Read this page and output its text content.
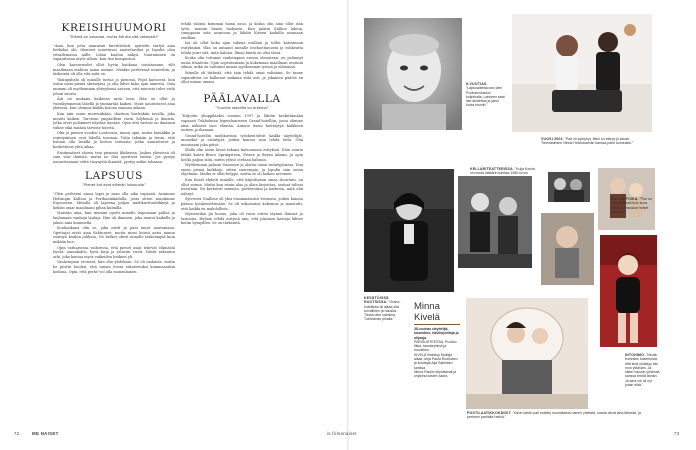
KREISIHUUMORI
”Elämä on vakavaa, mutta älä ota sitä vakavasti”

”Aina, kun jotta nauraisin hirvittävästi, ajattelin siirtyä aina hetkeksi ohi, tilanteet muuttuvat naurettaviksi ja lopulta olen vitsailemassa niille. Lihan kuuluu näkyä. Nauraminen on vapauttavaa myös silloin, kun itse kompastuu.

Olen kasvuvuodet ollut hyvin kaukana toisistamme, silti maailmaan mahtuu sama asenne. Meidän perheessä naurettiin, ja tärkeintä oli olla sitä mitä on.

Yksinpuhelu oli minulle tuttua jo pienenä. Pojat katsoivat, kun esitin omia pieniä sketsejäni, ja olin lähes koko ajan äänessä. Oma mummi oli myöhemmin yhteydessä sanoen, että minusta tulee vielä jotain suurta.

Äiti on mukana kaikessa mitä teen. Hän on ollut jo vuosikymmeniä lähellä ja ymmärtää kaiken. Muut naurattavat aina yhdessä, kun olemme kaikki kotona samaan aikaan.

Kun niin osuin murrosikään, ihastuin burleskiin tavalla, joka muutti kaiken. Tarvitsin ympärilleni väriä, höyheniä ja ihmisiä, jotka eivät pelänneet näyttää itseään. Opin että vartalo on ilmaisun väline eikä mitään tarvitse hävetä.

Olin ja pienen vuoden Lontoossa, missä opin, miten komiikka ja esiintyminen ovat lähellä toisiaan. Tulin takaisin ja tiesin, että haluan olla lavalla ja kertoa tarinoita, jotka naurattavat ja koskettavat yhtä aikaa.

Ensimmäiset shown tein pienissä klubeissa. Joskus yleisössä oli vain viisi ihmistä, mutta ne illat opettivat eniten. Jos pystyy naurattamaan viittä väsynyttä ihmistä, pystyy mihin tahansa.

LAPSUUS
”Pienet ilot ovat elämän lukusuola”

”Olen perheeni ainoa lapsi ja saan olla aika vapaasti. Asuimme Helsingin Kallion ja Porthaninkadulla, josta sitten muutimme Espooseen. Minulla oli lapsena paljon mielikuvitusleikkejä ja keksin omat maailmani pihan kulmilla.

Muistan aina, kun mummi opetti minulle leipomaan pullaa ja laulamaan vanhoja lauluja. Hän oli ihminen, joka nauroi kaikelle ja jaksoi aina kuunnella.

Kouluaikana olin se, joka esitti ja pani muut nauramaan. Opettajat eivät aina ilahtuneet, mutta moni heistä antoi minun esiintyä koulun juhlissa. Ne hetket olivat minulle tärkeämpiä kuin mikään koe.

Opin varhaisessa vaiheessa, että pienet asiat tekevät elämästä hyvää: aamukahvi, hyvä kirja ja ystävän viesti. Niistä rakentuu arki, joka kantaa myös vaikeiden hetkien yli.

Vanhempani erosivat, kun olin yhdeksän. Se oli raskasta, mutta he pitivät huolen, että tunsin itseni rakastetuksi kummassakin kodissa. Opin, että perhe voi olla monenlainen.

tehdä valinta kumman luona asua, ja koska olin aina ollut isän tyttö, muutin hänen luokseen. Kun päätin Kallion lukion, rumppasin isän asuntoon ja lähdin Kiveen kaduilla asumaan omillani.

Isä oli ollut koko ajan tukena urallani ja tullut katsomaan esityksiäni. Hän on antanut minulle itseluottamusta ja rohkeutta tehdä juuri sitä, mitä haluan. Ilman häntä en olisi tässä.

Koska olin tottunut vanhempien erossa olemiseen, en pelännyt uusia tilanteita. Opin sopeutumaan ja kokemaan maailman avoimin silmin, mikä on auttanut minua myöhemmin työssä ja elämässä.

Minulle oli tärkeää, että sain tehdä omat valintani. Se tunne vapaudesta on kulkenut mukana siitä asti, ja jokainen päätös on ollut minun omani.

PÄÄLAVALLA
”Suurilla stoorilla on erkerna”

”Kirjoitin ylioppilaaksi vuonna 1997 ja lähdin keskittämään vapaasti Tukholman legendaariseen Grand-hotelliin, jossa olimme aina nähneet ison elämän. Annoin itseni heittäytyä kaikkeen uuteen ja ihanaan.

Grand-hotellin mielikuvissa työskentelivät kaikki näyttelijät, muusikot ja esiintyjät, joiden kanssa sain tehdä töitä. Olin innoissani joka päivä.

Illalla olin usein lavan takana katsomassa esityksiä. Näin suuria tähtiä kuten Bruce Springsteen, Prince ja Bryan Adams, ja opin heiltä paljon siitä, miten yleisö otetaan haltuun.

Myöhemmin palasin Suomeen ja aloitin oman esiintyjäurani. Tein ensin pieniä keikkoja, sitten suurempia, ja lopulta sain oman ohjelman. Matka ei ollut helppo, mutta se oli kaiken arvoinen.

Kun Rosel ehdotti minulle, että kirjoittaisin omaa showtani, en ollut varma. Mutta kun istuin alas ja aloin kirjoittaa, tarinat tulivat itsestään. Ne kertoivat minusta, perheestäni ja kaikesta, mitä olin nähnyt.

Sylvester Stallone oli yksi ensimmäisistä vieraista, joiden kanssa pääsin työskentelemään. Se oli uskomaton kokemus ja muistutti, että kaikki on mahdollista.

Mysteerikai jäi huone, joka oli vuosi sitten täynnä ihmisiä ja tarinoita. Haluan tehdä esitystä niin, että jokainen katsoja lähtee kotiin hymyillen. Se on tärkeintä.

72	ME NAISET	is.fi/menaiset	73
6-VUOTIAS. ”Lapsuudenkuvani olen Porthaninkadun kotipihalla. Lahkeen saisi itse aloitettua ja jakoi kuvia moniin.”
VUOSI 2002. ”Pari oli symphyt, äitini on elänyt jo kauan. Treenasimme Ninna Hoivistusman kanssa parin komeaksi.”
KELLARITEATTERISSA. ”Kulja Kosha oli monta lääkärin kanssa 1980-luvun
ÄITI JA POIKA. ”Pari on ollut yhdessä kuin kuva. Heillä on hauskat hetket yhdessä.”
KESÄTÖISSÄ RUOTSISSA. ”Grand-hotellissa oli aikaa olla turvallinen ja hauska. Tässä olen valmiina Tukholman pihalla.”
Minna
Kivelä
38-vuotias näyttelijä, koomikko, käsikirjoittaja ja ohjaaja.
PARISUHTEESSA. Puoliso Ilkka, taustaryhmä ja muusikko.
KIVELÄ ilmestyy Mullaja aikaa -kirja Paula Ruokosen ja kuvittaja Aija Salmisen kanssa.
Ninna Pauliin kirjoittamat ja ohjannut lasten sadut.
INTOHIMO. ”Neulin burleskin kokemusta, että sinä yhdistyy siin mun ystäväni. Ja sitten halusin yhdessä kanssa tehdä tämän. Ja aina vai oli nyt jotain elää.”
POSTILAATIKKOKÄIDIT. ”Kävin käsiin pari esittely suomalaisia nainen yhteistä, urasta olivat aina tärkeää, ja perheen parhaita hetkiä.”
